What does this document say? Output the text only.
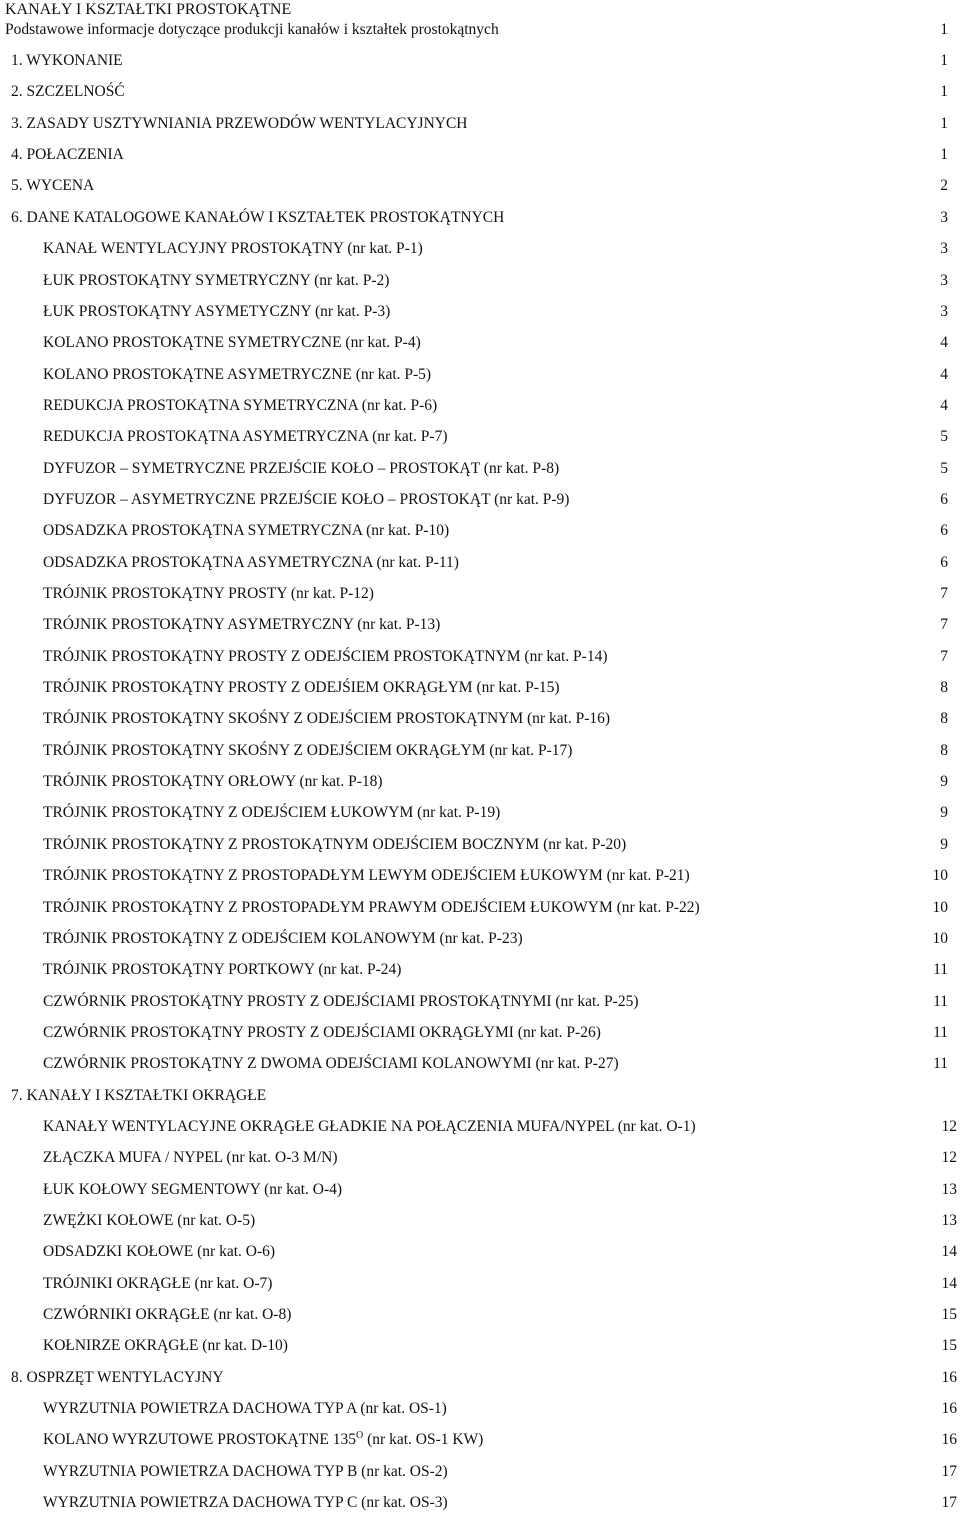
KANAŁY I KSZTAŁTKI PROSTOKĄTNE
Podstawowe informacje dotyczące produkcji kanałów i kształtek prostokątnych	1
1. WYKONANIE	1
2. SZCZELNOŚĆ	1
3. ZASADY USZTYWNIANIA PRZEWODÓW WENTYLACYJNYCH	1
4. POŁACZENIA	1
5. WYCENA	2
6. DANE KATALOGOWE KANAŁÓW I KSZTAŁTEK PROSTOKĄTNYCH	3
KANAŁ WENTYLACYJNY PROSTOKĄTNY (nr kat. P-1)	3
ŁUK PROSTOKĄTNY SYMETRYCZNY (nr kat. P-2)	3
ŁUK PROSTOKĄTNY ASYMETYCZNY (nr kat. P-3)	3
KOLANO PROSTOKĄTNE SYMETRYCZNE (nr kat. P-4)	4
KOLANO PROSTOKĄTNE ASYMETRYCZNE (nr kat. P-5)	4
REDUKCJA PROSTOKĄTNA SYMETRYCZNA (nr kat. P-6)	4
REDUKCJA PROSTOKĄTNA ASYMETRYCZNA (nr kat. P-7)	5
DYFUZOR – SYMETRYCZNE PRZEJŚCIE KOŁO – PROSTOKĄT (nr kat. P-8)	5
DYFUZOR – ASYMETRYCZNE PRZEJŚCIE KOŁO – PROSTOKĄT (nr kat. P-9)	6
ODSADZKA PROSTOKĄTNA SYMETRYCZNA (nr kat. P-10)	6
ODSADZKA PROSTOKĄTNA ASYMETRYCZNA (nr kat. P-11)	6
TRÓJNIK PROSTOKĄTNY PROSTY (nr kat. P-12)	7
TRÓJNIK PROSTOKĄTNY ASYMETRYCZNY (nr kat. P-13)	7
TRÓJNIK PROSTOKĄTNY PROSTY Z ODEJŚCIEM PROSTOKĄTNYM (nr kat. P-14)	7
TRÓJNIK PROSTOKĄTNY PROSTY Z ODEJŚIEM OKRĄGŁYM (nr kat. P-15)	8
TRÓJNIK PROSTOKĄTNY SKOŚNY Z ODEJŚCIEM PROSTOKĄTNYM (nr kat. P-16)	8
TRÓJNIK PROSTOKĄTNY SKOŚNY Z ODEJŚCIEM OKRĄGŁYM (nr kat. P-17)	8
TRÓJNIK PROSTOKĄTNY ORŁOWY (nr kat. P-18)	9
TRÓJNIK PROSTOKĄTNY Z ODEJŚCIEM ŁUKOWYM (nr kat. P-19)	9
TRÓJNIK PROSTOKĄTNY Z PROSTOKĄTNYM ODEJŚCIEM BOCZNYM (nr kat. P-20)	9
TRÓJNIK PROSTOKĄTNY Z PROSTOPADŁYM LEWYM ODEJŚCIEM ŁUKOWYM (nr kat. P-21)	10
TRÓJNIK PROSTOKĄTNY Z PROSTOPADŁYM PRAWYM ODEJŚCIEM ŁUKOWYM (nr kat. P-22)	10
TRÓJNIK PROSTOKĄTNY Z ODEJŚCIEM KOLANOWYM (nr kat. P-23)	10
TRÓJNIK PROSTOKĄTNY PORTKOWY (nr kat. P-24)	11
CZWÓRNIK PROSTOKĄTNY PROSTY Z ODEJŚCIAMI PROSTOKĄTNYMI (nr kat. P-25)	11
CZWÓRNIK PROSTOKĄTNY PROSTY Z ODEJŚCIAMI OKRĄGŁYMI (nr kat. P-26)	11
CZWÓRNIK PROSTOKĄTNY Z DWOMA ODEJŚCIAMI KOLANOWYMI (nr kat. P-27)	11
7. KANAŁY I KSZTAŁTKI OKRĄGŁE
KANAŁY WENTYLACYJNE OKRĄGŁE GŁADKIE NA POŁĄCZENIA MUFA/NYPEL (nr kat. O-1)	12
ZŁĄCZKA MUFA / NYPEL (nr kat. O-3 M/N)	12
ŁUK KOŁOWY SEGMENTOWY (nr kat. O-4)	13
ZWĘŻKI KOŁOWE (nr kat. O-5)	13
ODSADZKI KOŁOWE (nr kat. O-6)	14
TRÓJNIKI OKRĄGŁE (nr kat. O-7)	14
CZWÓRNIKI OKRĄGŁE (nr kat. O-8)	15
KOŁNIRZE OKRĄGŁE (nr kat. D-10)	15
8. OSPRZĘT WENTYLACYJNY	16
WYRZUTNIA POWIETRZA DACHOWA TYP A (nr kat. OS-1)	16
KOLANO WYRZUTOWE PROSTOKĄTNE $135^O$ (nr kat. OS-1 KW)	16
WYRZUTNIA POWIETRZA DACHOWA TYP B (nr kat. OS-2)	17
WYRZUTNIA POWIETRZA DACHOWA TYP C (nr kat. OS-3)	17
